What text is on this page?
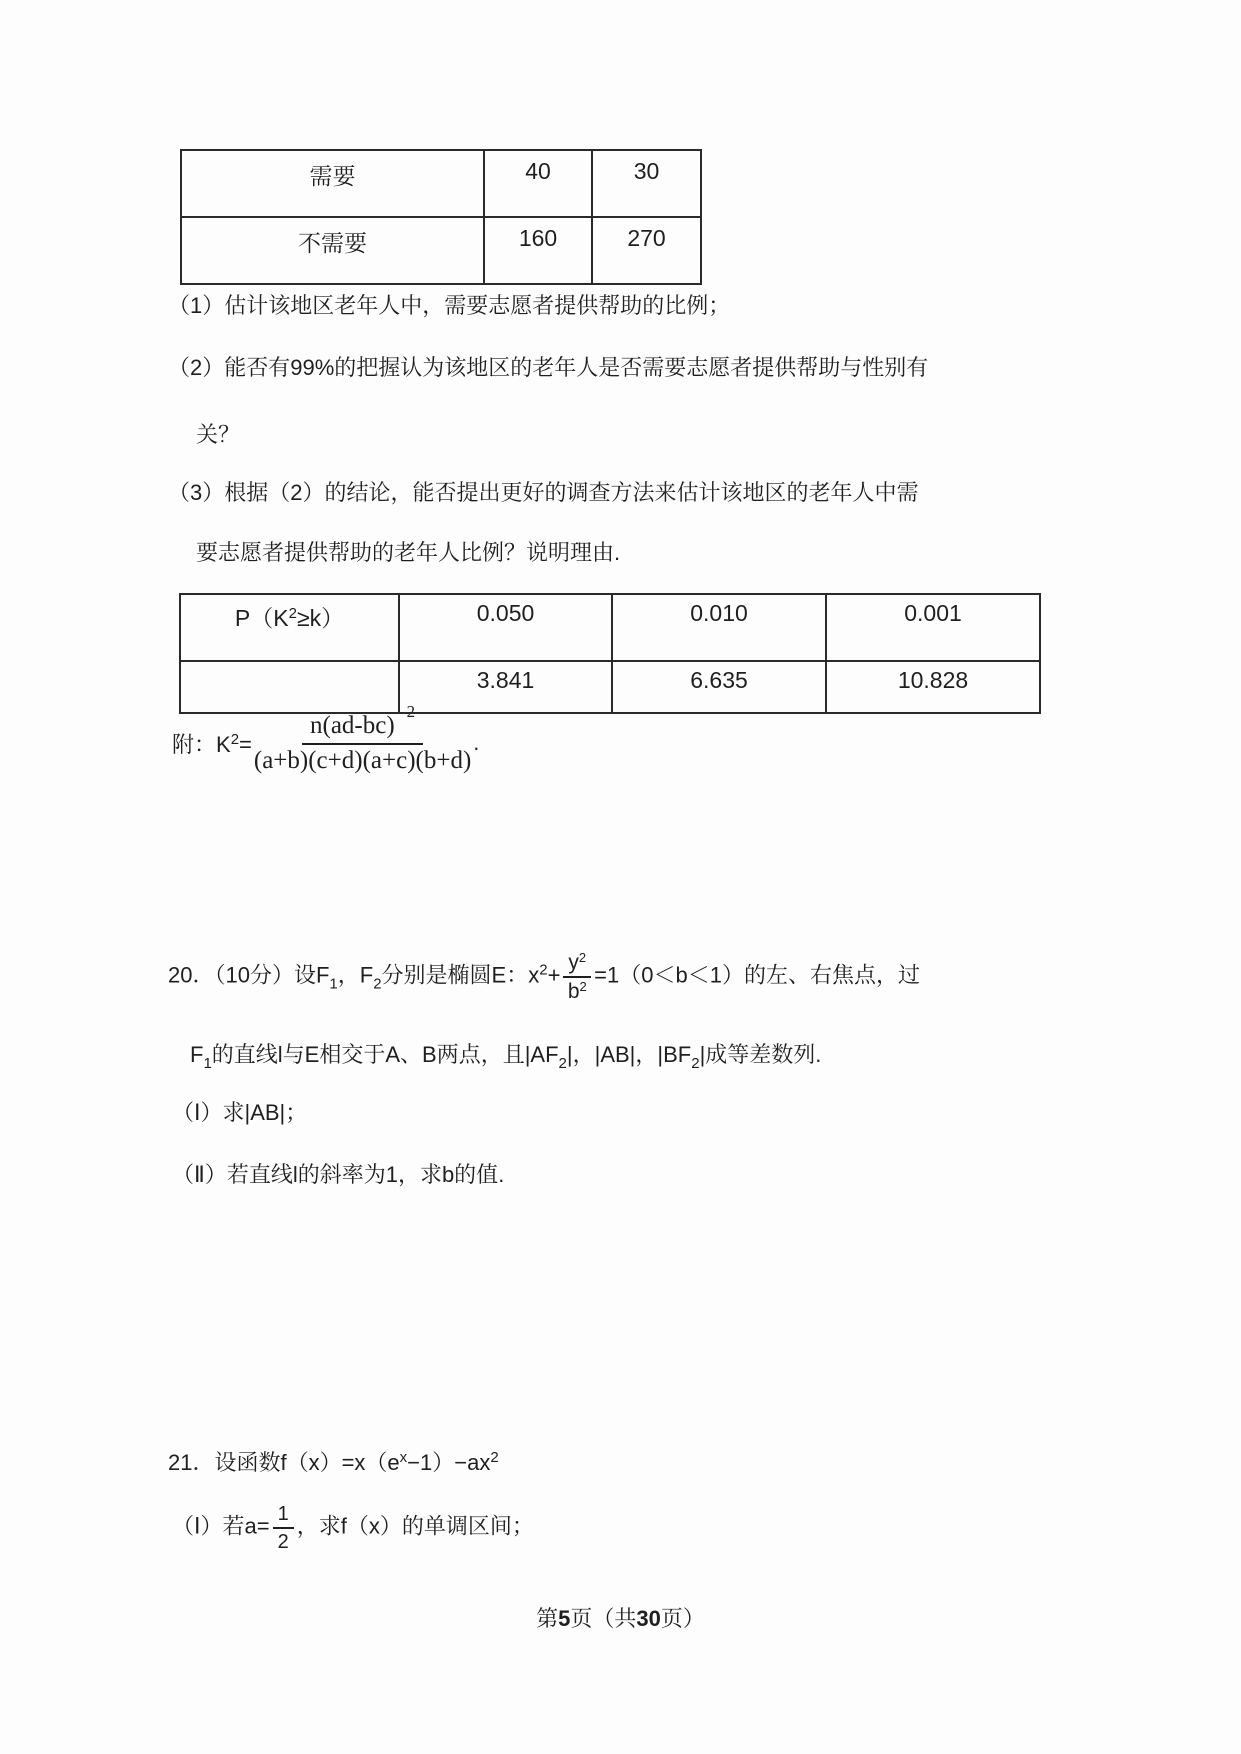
需要	40	30
不需要	160	270
（1）估计该地区老年人中，需要志愿者提供帮助的比例；
（2）能否有99%的把握认为该地区的老年人是否需要志愿者提供帮助与性别有
关？
（3）根据（2）的结论，能否提出更好的调查方法来估计该地区的老年人中需
要志愿者提供帮助的老年人比例？说明理由.
$P(K^2\ge k)$	0.050	0.010	0.001
	3.841	6.635	10.828
附：$K^2= \frac{n(ad-bc)^2}{(a+b)(c+d)(a+c)(b+d)}$ .
20．（10分）设$F_1$，$F_2$分别是椭圆E：$x^2+ \frac{y^2}{b^2} =1(0<b<1)$的左、右焦点，过
$F_1$的直线l与E相交于A、B两点，且$|AF_2|$，|AB|，$|BF_2|$成等差数列.
（Ⅰ）求|AB|；
（Ⅱ）若直线l的斜率为1，求b的值.
21．设函数$f(x)=x(e^x-1)-ax^2$
（Ⅰ）若$a= \frac{1}{2}$ ，求f（x）的单调区间；
第5页（共30页）
